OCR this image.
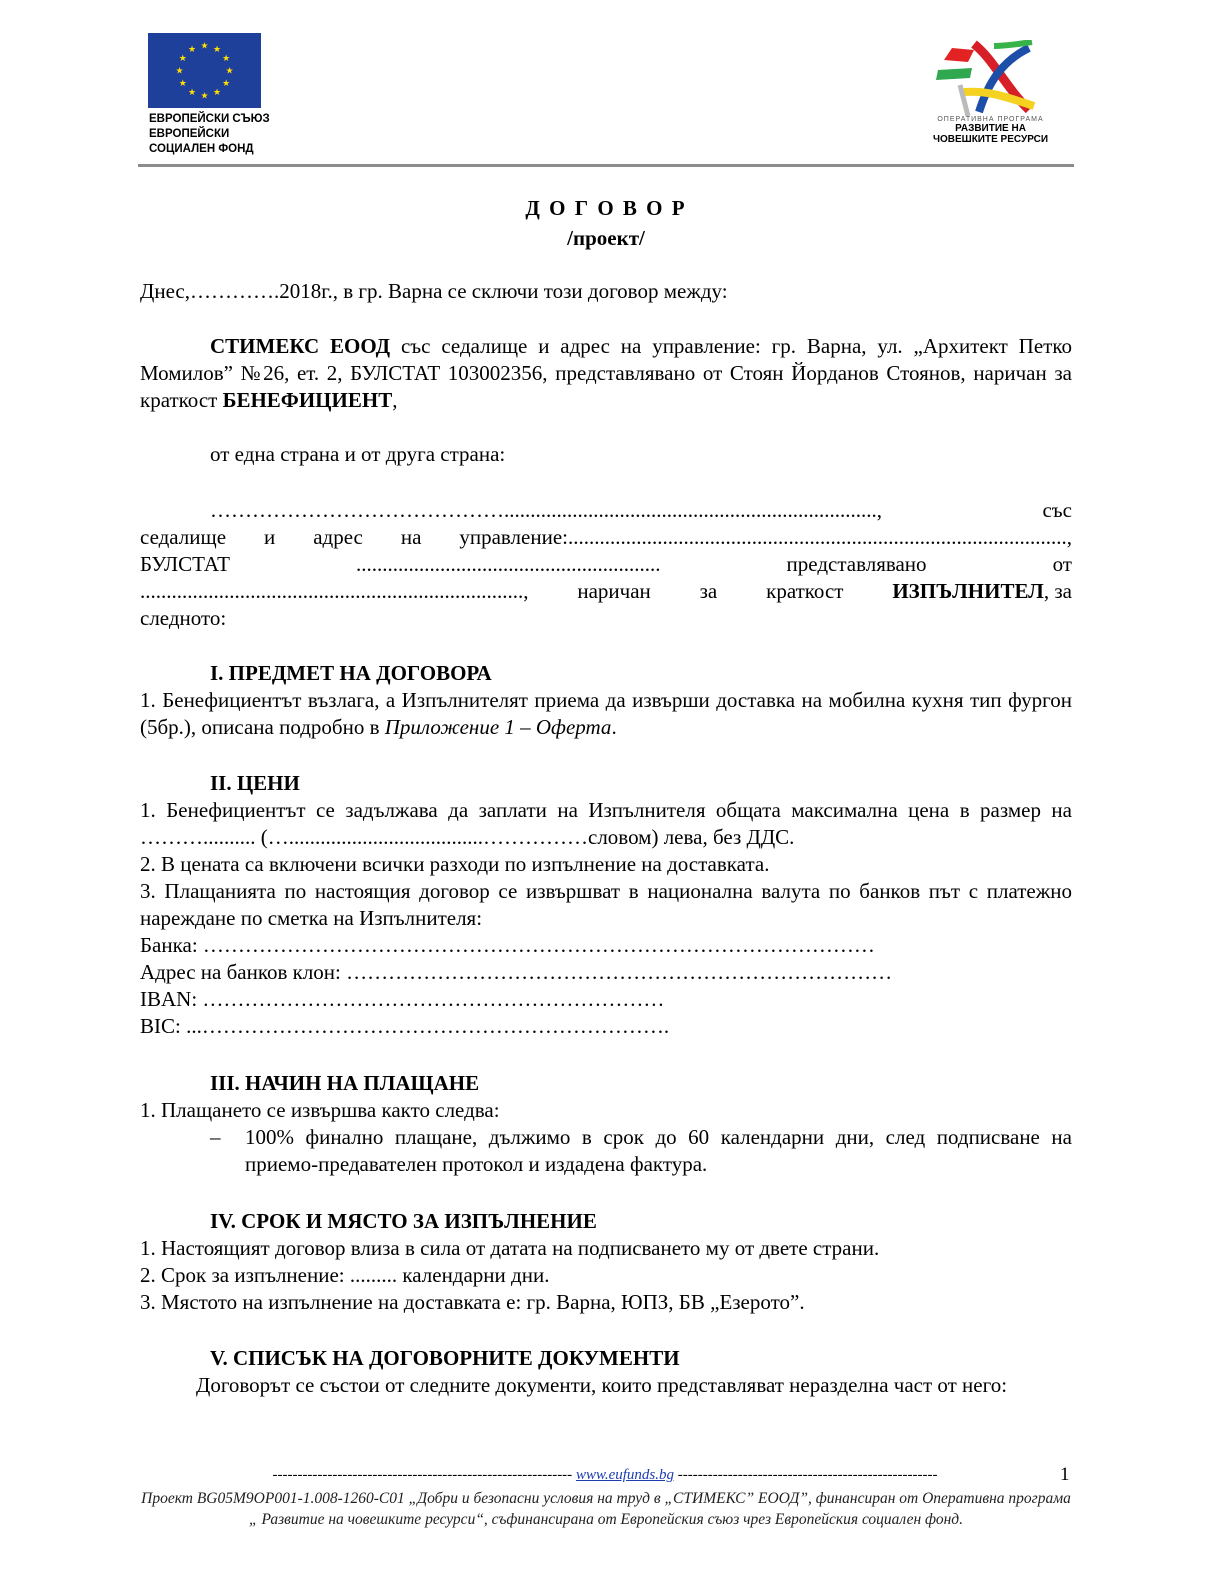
★ ★
★
★
★
★
★
★
★
★
★
★
ЕВРОПЕЙСКИ СЪЮЗ
ЕВРОПЕЙСКИ
СОЦИАЛЕН ФОНД
ОПЕРАТИВНА ПРОГРАМА
РАЗВИТИЕ НА
ЧОВЕШКИТЕ РЕСУРСИ
Д О Г О В О Р
/проект/
Днес,………….2018г., в гр. Варна се сключи този договор между:
СТИМЕКС ЕООД със седалище и адрес на управление: гр. Варна, ул. „Архитект Петко Момилов” №26, ет. 2, БУЛСТАТ 103002356, представлявано от Стоян Йорданов Стоянов, наричан за краткост БЕНЕФИЦИЕНТ,
от една страна и от друга страна:
…………………………………….......................................................................,	със
седалище и адрес на управление:...............................................................................................,
БУЛСТАТ	..........................................................	представлявано	от
........................................................................., наричан за краткост ИЗПЪЛНИТЕЛ, за
следното:
I. ПРЕДМЕТ НА ДОГОВОРА
1. Бенефициентът възлага, а Изпълнителят приема да извърши доставка на мобилна кухня тип фургон (5бр.), описана подробно в Приложение 1 – Оферта.
II. ЦЕНИ
1. Бенефициентът се задължава да заплати на Изпълнителя общата максимална цена в размер на ……….......... (….....................................……………словом) лева, без ДДС.
2. В цената са включени всички разходи по изпълнение на доставката.
3. Плащанията по настоящия договор се извършват в национална валута по банков път с платежно нареждане по сметка на Изпълнителя:
Банка: ……………………………………………………………………………………
Адрес на банков клон: ……………………………………………………………………
IBAN: …………………………………………………………
BIC: ...………………………………………………………….
III. НАЧИН НА ПЛАЩАНЕ
1. Плащането се извършва както следва:
–	100% финално плащане, дължимо в срок до 60 календарни дни, след подписване на приемо-предавателен протокол и издадена фактура.
IV. СРОК И МЯСТО ЗА ИЗПЪЛНЕНИЕ
1. Настоящият договор влиза в сила от датата на подписването му от двете страни.
2. Срок за изпълнение: ......... календарни дни.
3. Мястото на изпълнение на доставката е: гр. Варна, ЮПЗ, БВ „Езерото”.
V. СПИСЪК НА ДОГОВОРНИТЕ ДОКУМЕНТИ
Договорът се състои от следните документи, които представляват неразделна част от него:
------------------------------------------------------------ www.eufunds.bg ----------------------------------------------------	1
Проект BG05M9OP001-1.008-1260-C01 „Добри и безопасни условия на труд в „СТИМЕКС” ЕООД”, финансиран от Оперативна програма „ Развитие на човешките ресурси“, съфинансирана от Европейския съюз чрез Европейския социален фонд.
